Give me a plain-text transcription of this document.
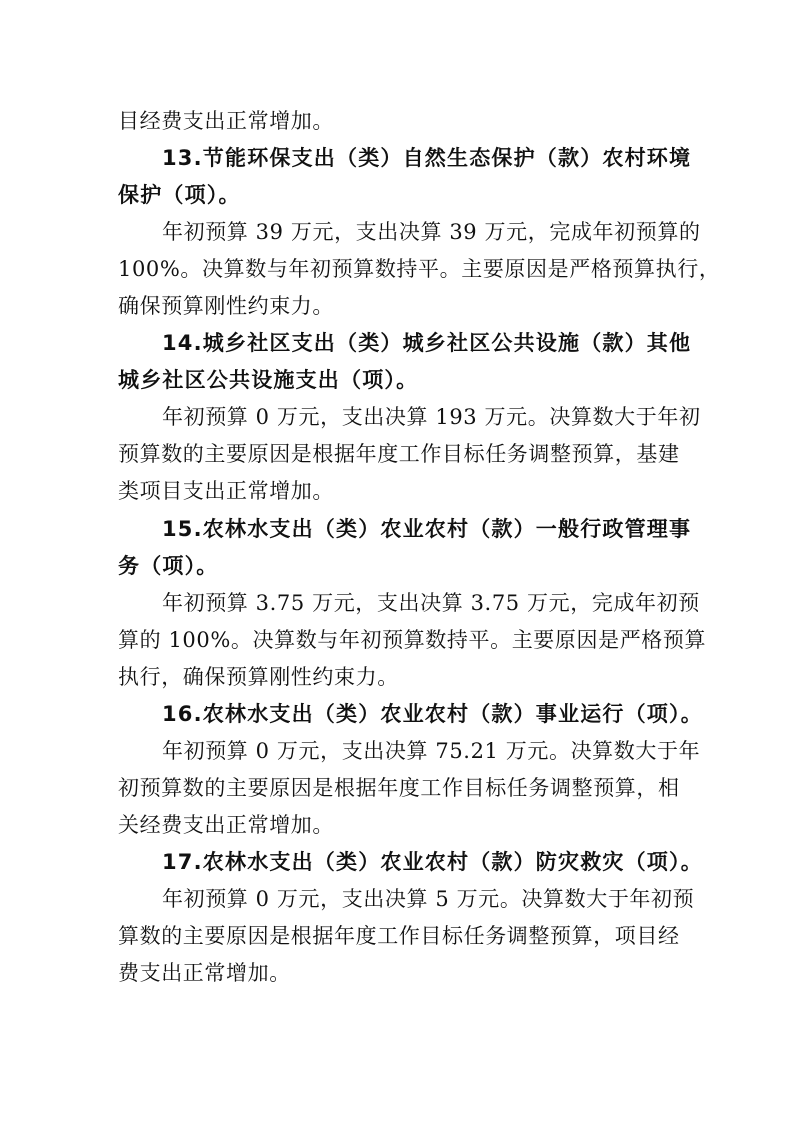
目经费支出正常增加。
13.节能环保支出（类）自然生态保护（款）农村环境
保护（项）。
年初预算 39 万元，支出决算 39 万元，完成年初预算的
100%。决算数与年初预算数持平。主要原因是严格预算执行，
确保预算刚性约束力。
14.城乡社区支出（类）城乡社区公共设施（款）其他
城乡社区公共设施支出（项）。
年初预算 0 万元，支出决算 193 万元。决算数大于年初
预算数的主要原因是根据年度工作目标任务调整预算，基建
类项目支出正常增加。
15.农林水支出（类）农业农村（款）一般行政管理事
务（项）。
年初预算 3.75 万元，支出决算 3.75 万元，完成年初预
算的 100%。决算数与年初预算数持平。主要原因是严格预算
执行，确保预算刚性约束力。
16.农林水支出（类）农业农村（款）事业运行（项）。
年初预算 0 万元，支出决算 75.21 万元。决算数大于年
初预算数的主要原因是根据年度工作目标任务调整预算，相
关经费支出正常增加。
17.农林水支出（类）农业农村（款）防灾救灾（项）。
年初预算 0 万元，支出决算 5 万元。决算数大于年初预
算数的主要原因是根据年度工作目标任务调整预算，项目经
费支出正常增加。
